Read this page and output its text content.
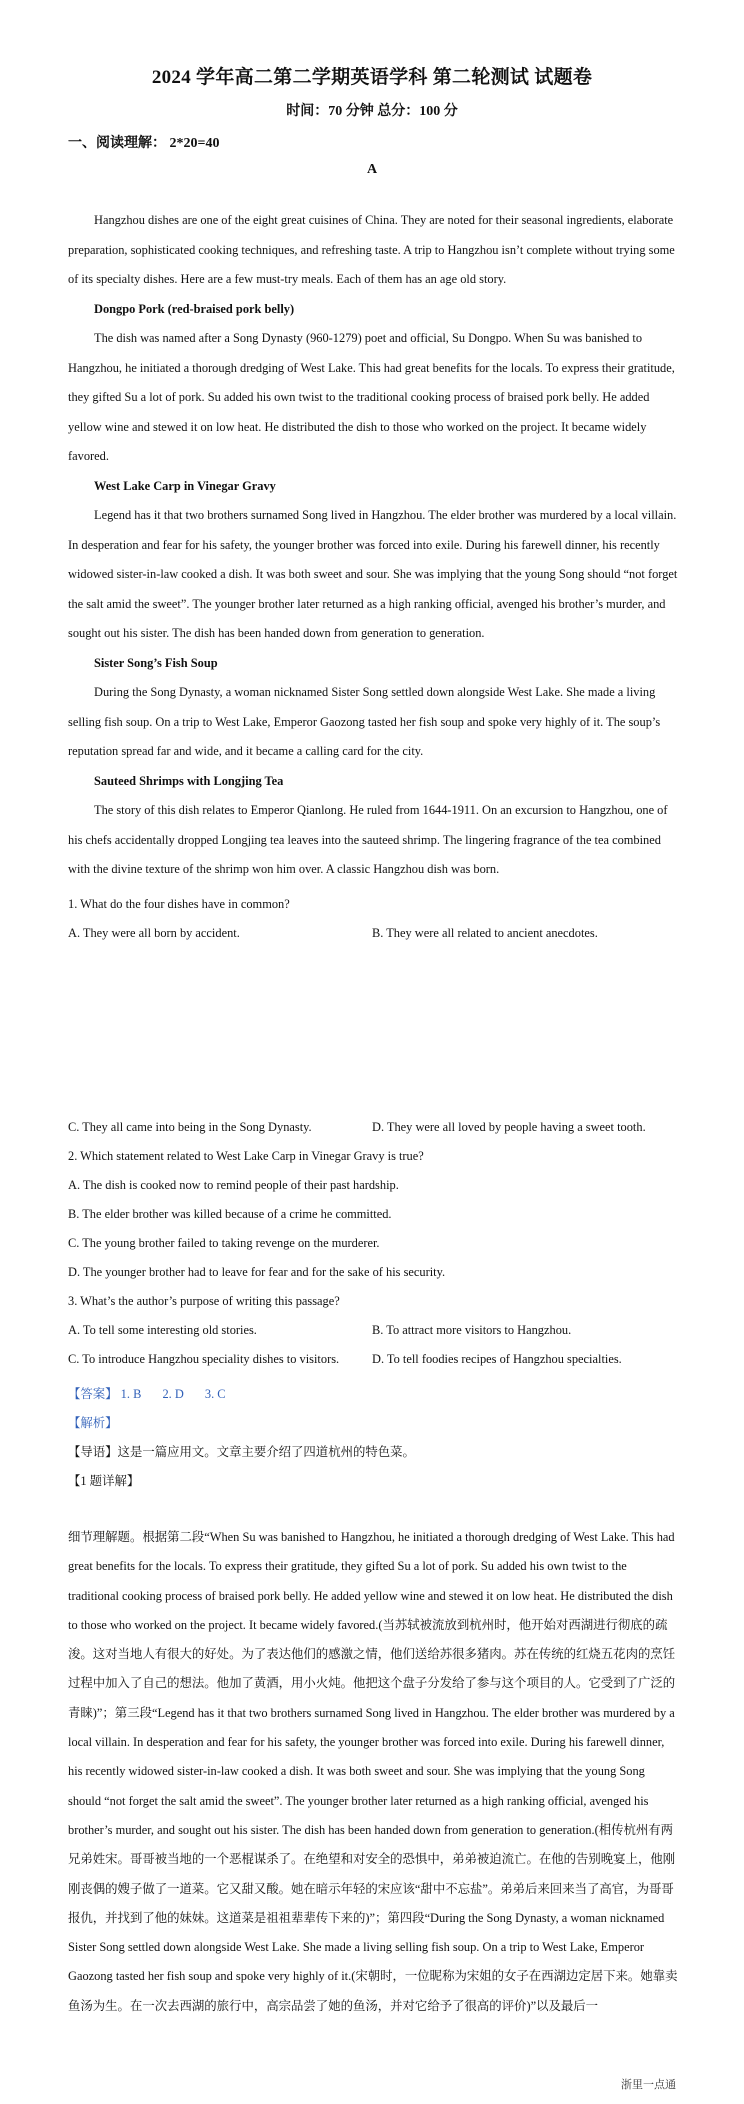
2024 学年高二第二学期英语学科 第二轮测试 试题卷
时间：70 分钟 总分：100 分
一、阅读理解： 2*20=40
A

Hangzhou dishes are one of the eight great cuisines of China. They are noted for their seasonal ingredients, elaborate preparation, sophisticated cooking techniques, and refreshing taste. A trip to Hangzhou isn’t complete without trying some of its specialty dishes. Here are a few must-try meals. Each of them has an age old story.

Dongpo Pork (red-braised pork belly)

The dish was named after a Song Dynasty (960-1279) poet and official, Su Dongpo. When Su was banished to Hangzhou, he initiated a thorough dredging of West Lake. This had great benefits for the locals. To express their gratitude, they gifted Su a lot of pork. Su added his own twist to the traditional cooking process of braised pork belly. He added yellow wine and stewed it on low heat. He distributed the dish to those who worked on the project. It became widely favored.

West Lake Carp in Vinegar Gravy

Legend has it that two brothers surnamed Song lived in Hangzhou. The elder brother was murdered by a local villain. In desperation and fear for his safety, the younger brother was forced into exile. During his farewell dinner, his recently widowed sister-in-law cooked a dish. It was both sweet and sour. She was implying that the young Song should “not forget the salt amid the sweet”. The younger brother later returned as a high ranking official, avenged his brother’s murder, and sought out his sister. The dish has been handed down from generation to generation.

Sister Song’s Fish Soup

During the Song Dynasty, a woman nicknamed Sister Song settled down alongside West Lake. She made a living selling fish soup. On a trip to West Lake, Emperor Gaozong tasted her fish soup and spoke very highly of it. The soup’s reputation spread far and wide, and it became a calling card for the city.

Sauteed Shrimps with Longjing Tea

The story of this dish relates to Emperor Qianlong. He ruled from 1644-1911. On an excursion to Hangzhou, one of his chefs accidentally dropped Longjing tea leaves into the sauteed shrimp. The lingering fragrance of the tea combined with the divine texture of the shrimp won him over. A classic Hangzhou dish was born.

1. What do the four dishes have in common?
A. They were all born by accident.	B. They were all related to ancient anecdotes.
C. They all came into being in the Song Dynasty.	D. They were all loved by people having a sweet tooth.
2. Which statement related to West Lake Carp in Vinegar Gravy is true?
A. The dish is cooked now to remind people of their past hardship.
B. The elder brother was killed because of a crime he committed.
C. The young brother failed to taking revenge on the murderer.
D. The younger brother had to leave for fear and for the sake of his security.
3. What’s the author’s purpose of writing this passage?
A. To tell some interesting old stories.	B. To attract more visitors to Hangzhou.
C. To introduce Hangzhou speciality dishes to visitors.	D. To tell foodies recipes of Hangzhou specialties.
【答案】 1. B 2. D 3. C
【解析】
【导语】这是一篇应用文。文章主要介绍了四道杭州的特色菜。
【1 题详解】

细节理解题。根据第二段“When Su was banished to Hangzhou, he initiated a thorough dredging of West Lake. This had great benefits for the locals. To express their gratitude, they gifted Su a lot of pork. Su added his own twist to the traditional cooking process of braised pork belly. He added yellow wine and stewed it on low heat. He distributed the dish to those who worked on the project. It became widely favored.(当苏轼被流放到杭州时，他开始对西湖进行彻底的疏浚。这对当地人有很大的好处。为了表达他们的感激之情，他们送给苏很多猪肉。苏在传统的红烧五花肉的烹饪过程中加入了自己的想法。他加了黄酒，用小火炖。他把这个盘子分发给了参与这个项目的人。它受到了广泛的青睐)”；第三段“Legend has it that two brothers surnamed Song lived in Hangzhou. The elder brother was murdered by a local villain. In desperation and fear for his safety, the younger brother was forced into exile. During his farewell dinner, his recently widowed sister-in-law cooked a dish. It was both sweet and sour. She was implying that the young Song should “not forget the salt amid the sweet”. The younger brother later returned as a high ranking official, avenged his brother’s murder, and sought out his sister. The dish has been handed down from generation to generation.(相传杭州有两兄弟姓宋。哥哥被当地的一个恶棍谋杀了。在绝望和对安全的恐惧中，弟弟被迫流亡。在他的告别晚宴上，他刚刚丧偶的嫂子做了一道菜。它又甜又酸。她在暗示年轻的宋应该“甜中不忘盐”。弟弟后来回来当了高官，为哥哥报仇，并找到了他的妹妹。这道菜是祖祖辈辈传下来的)”；第四段“During the Song Dynasty, a woman nicknamed Sister Song settled down alongside West Lake. She made a living selling fish soup. On a trip to West Lake, Emperor Gaozong tasted her fish soup and spoke very highly of it.(宋朝时，一位昵称为宋姐的女子在西湖边定居下来。她靠卖鱼汤为生。在一次去西湖的旅行中，高宗品尝了她的鱼汤，并对它给予了很高的评价)”以及最后一

浙里一点通
